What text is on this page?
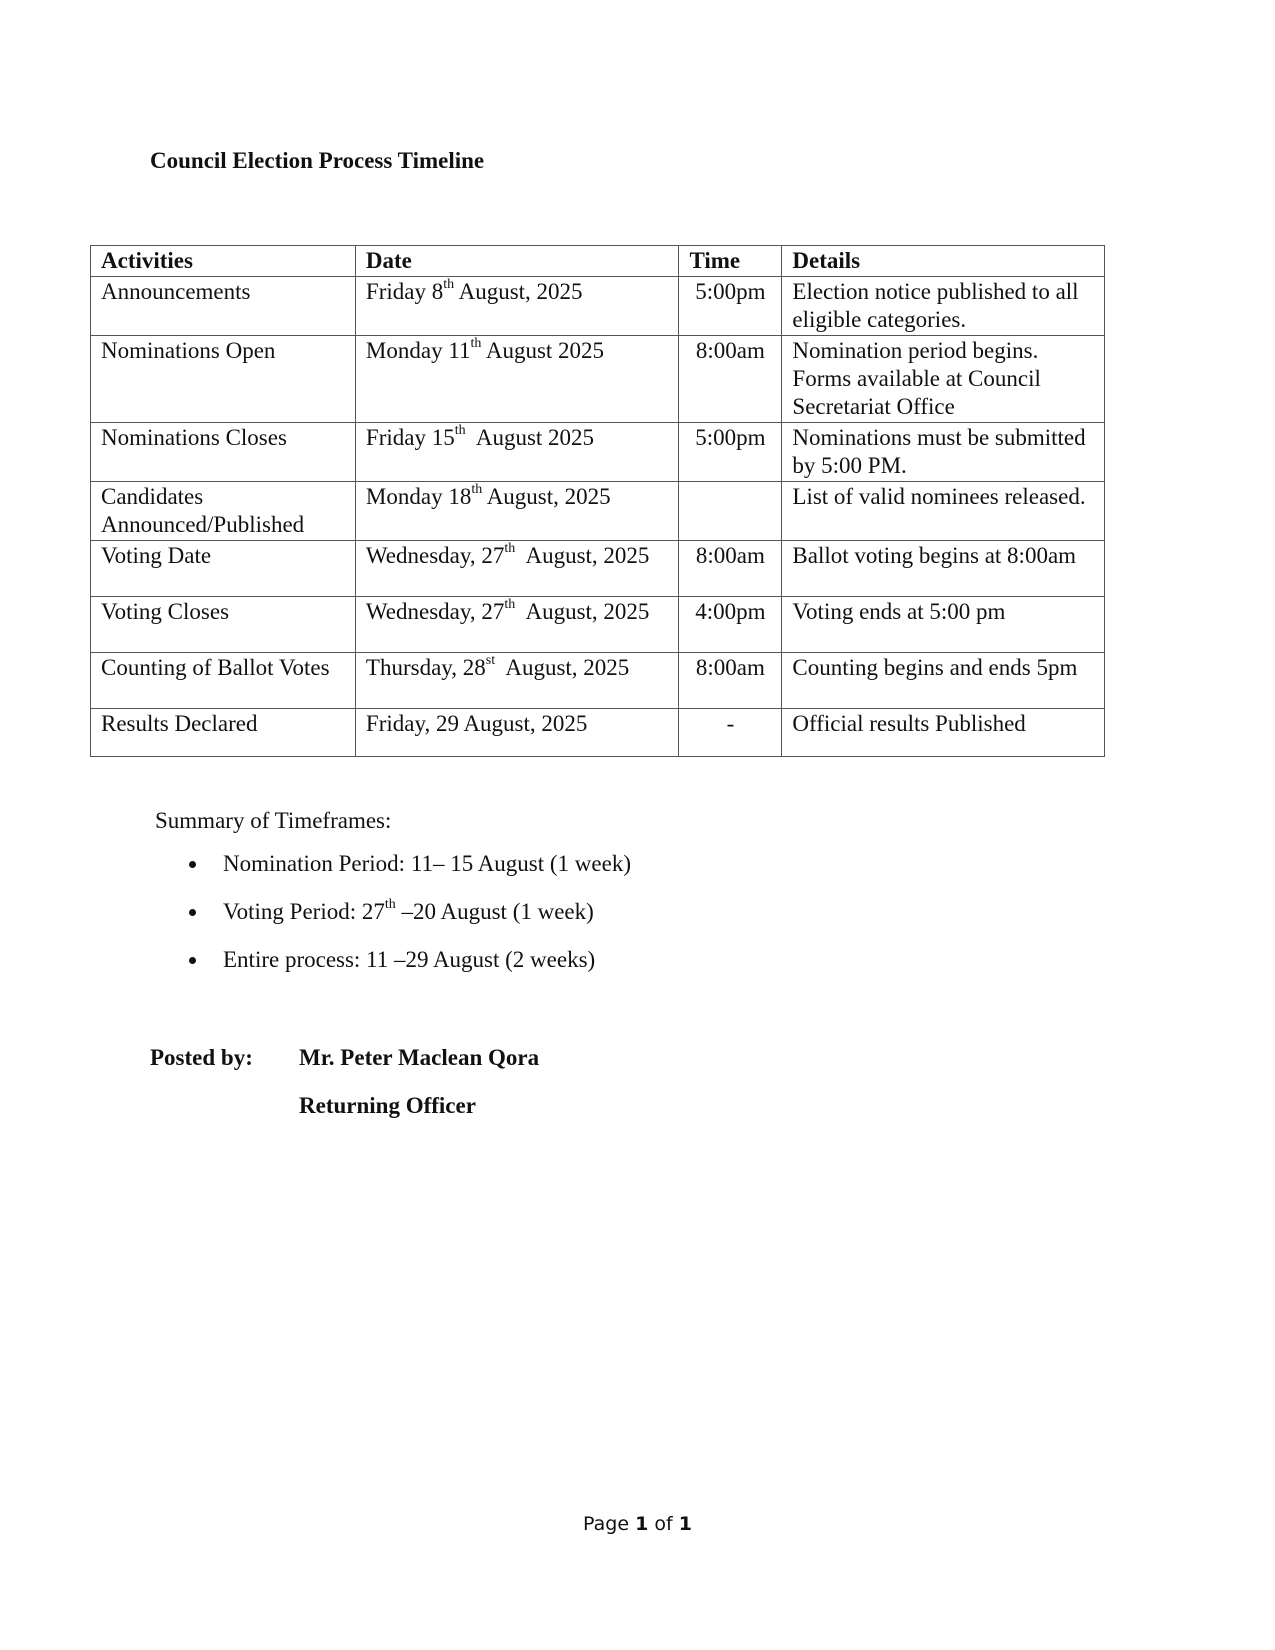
Council Election Process Timeline
Activities	Date	Time	Details
Announcements	Friday 8th August, 2025	5:00pm	Election notice published to all eligible categories.
Nominations Open	Monday 11th August 2025	8:00am	Nomination period begins. Forms available at Council Secretariat Office
Nominations Closes	Friday 15th  August 2025	5:00pm	Nominations must be submitted by 5:00 PM.
Candidates Announced/Published	Monday 18th August, 2025		List of valid nominees released.
Voting Date	Wednesday, 27th  August, 2025	8:00am	Ballot voting begins at 8:00am
Voting Closes	Wednesday, 27th  August, 2025	4:00pm	Voting ends at 5:00 pm
Counting of Ballot Votes	Thursday, 28st  August, 2025	8:00am	Counting begins and ends 5pm
Results Declared	Friday, 29 August, 2025	-	Official results Published
Summary of Timeframes:
Nomination Period: 11– 15 August (1 week)
Voting Period: 27th –20 August (1 week)
Entire process: 11 –29 August (2 weeks)
Posted by: Mr. Peter Maclean Qora
Returning Officer
Page 1 of 1
